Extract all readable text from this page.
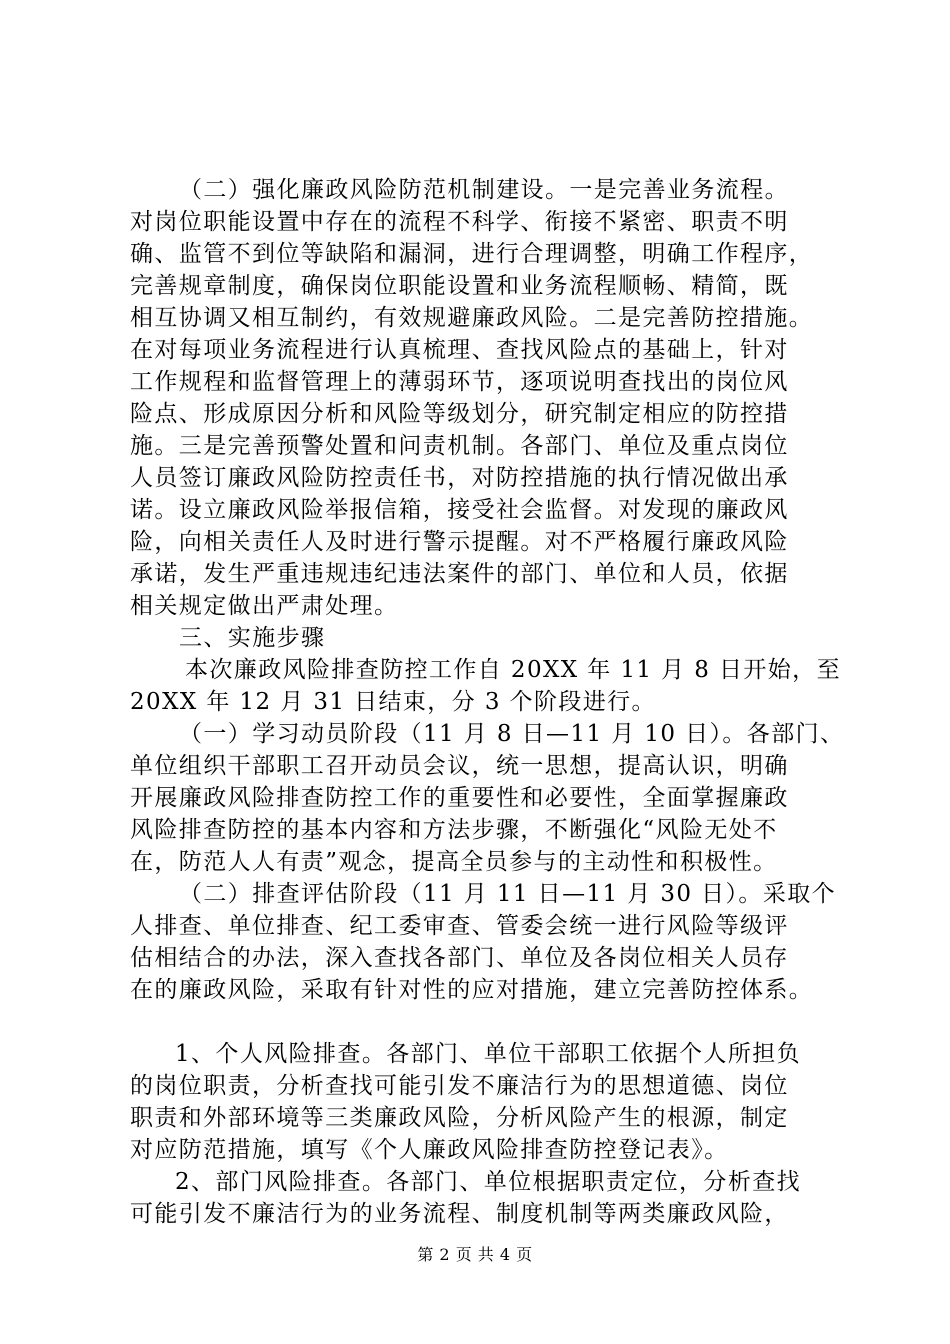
（二）强化廉政风险防范机制建设。一是完善业务流程。
对岗位职能设置中存在的流程不科学、衔接不紧密、职责不明
确、监管不到位等缺陷和漏洞，进行合理调整，明确工作程序，
完善规章制度，确保岗位职能设置和业务流程顺畅、精简，既
相互协调又相互制约，有效规避廉政风险。二是完善防控措施。
在对每项业务流程进行认真梳理、查找风险点的基础上，针对
工作规程和监督管理上的薄弱环节，逐项说明查找出的岗位风
险点、形成原因分析和风险等级划分，研究制定相应的防控措
施。三是完善预警处置和问责机制。各部门、单位及重点岗位
人员签订廉政风险防控责任书，对防控措施的执行情况做出承
诺。设立廉政风险举报信箱，接受社会监督。对发现的廉政风
险，向相关责任人及时进行警示提醒。对不严格履行廉政风险
承诺，发生严重违规违纪违法案件的部门、单位和人员，依据
相关规定做出严肃处理。
三、实施步骤
本次廉政风险排查防控工作自 20XX 年 11 月 8 日开始，至
20XX 年 12 月 31 日结束，分 3 个阶段进行。
（一）学习动员阶段（11 月 8 日—11 月 10 日）。各部门、
单位组织干部职工召开动员会议，统一思想，提高认识，明确
开展廉政风险排查防控工作的重要性和必要性，全面掌握廉政
风险排查防控的基本内容和方法步骤，不断强化“风险无处不
在，防范人人有责”观念，提高全员参与的主动性和积极性。
（二）排查评估阶段（11 月 11 日—11 月 30 日）。采取个
人排查、单位排查、纪工委审查、管委会统一进行风险等级评
估相结合的办法，深入查找各部门、单位及各岗位相关人员存
在的廉政风险，采取有针对性的应对措施，建立完善防控体系。
1、个人风险排查。各部门、单位干部职工依据个人所担负
的岗位职责，分析查找可能引发不廉洁行为的思想道德、岗位
职责和外部环境等三类廉政风险，分析风险产生的根源，制定
对应防范措施，填写《个人廉政风险排查防控登记表》。
2、部门风险排查。各部门、单位根据职责定位，分析查找
可能引发不廉洁行为的业务流程、制度机制等两类廉政风险，
第 2 页 共 4 页
